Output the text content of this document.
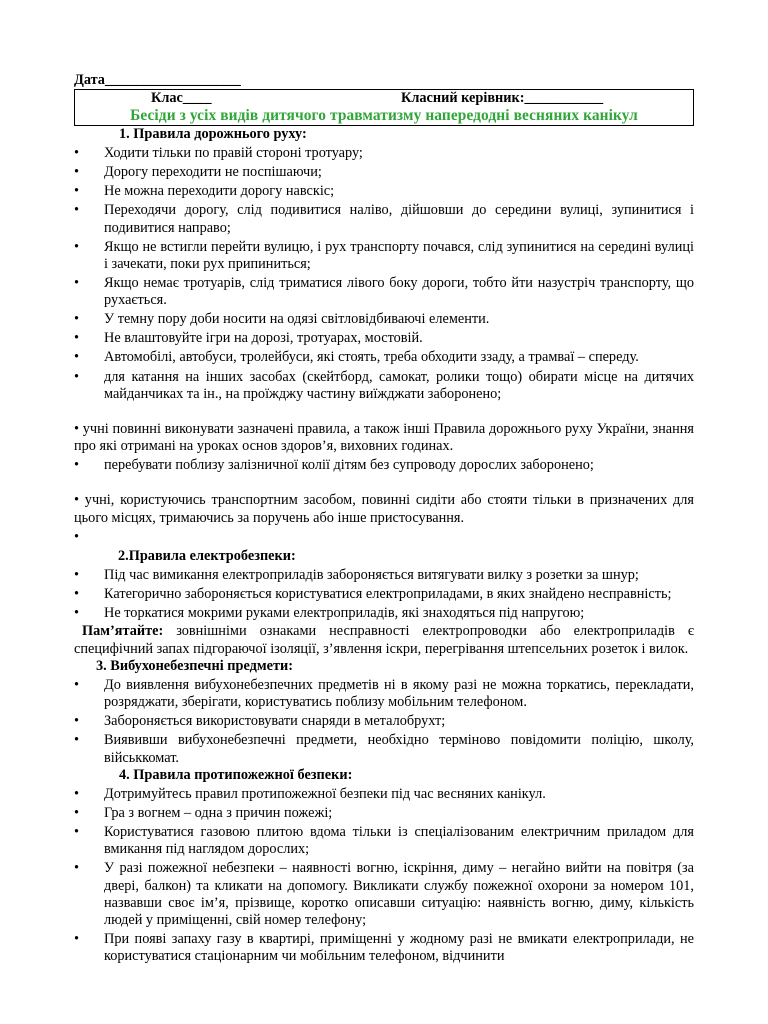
Дата___________________
Клас____	Класний керівник:___________
Бесіди з усіх видів дитячого травматизму напередодні весняних канікул
1. Правила дорожнього руху:
• Ходити тільки по правій стороні тротуару;
• Дорогу переходити не поспішаючи;
• Не можна переходити дорогу навскіс;
• Переходячи дорогу, слід подивитися наліво, дійшовши до середини вулиці, зупинитися і подивитися направо;
• Якщо не встигли перейти вулицю, і рух транспорту почався, слід зупинитися на середині вулиці і зачекати, поки рух припиниться;
• Якщо немає тротуарів, слід триматися лівого боку дороги, тобто йти назустріч транспорту, що рухається.
• У темну пору доби носити на одязі світловідбиваючі елементи.
• Не влаштовуйте ігри на дорозі, тротуарах, мостовій.
• Автомобілі, автобуси, тролейбуси, які стоять, треба обходити ззаду, а трамваї – спереду.
• для катання на інших засобах (скейтборд, самокат, ролики тощо) обирати місце на дитячих майданчиках та ін., на проїжджу частину виїжджати заборонено;
• учні повинні виконувати зазначені правила, а також інші Правила дорожнього руху України, знання про які отримані на уроках основ здоров’я, виховних годинах.
• перебувати поблизу залізничної колії дітям без супроводу дорослих заборонено;
• учні, користуючись транспортним засобом, повинні сидіти або стояти тільки в призначених для цього місцях, тримаючись за поручень або інше пристосування.
•
2.Правила електробезпеки:
• Під час вимикання електроприладів забороняється витягувати вилку з розетки за шнур;
• Категорично забороняється користуватися електроприладами, в яких знайдено несправність;
• Не торкатися мокрими руками електроприладів, які знаходяться під напругою;
Пам’ятайте: зовнішніми ознаками несправності електропроводки або електроприладів є специфічний запах підгораючої ізоляції, з’явлення іскри, перегрівання штепсельних розеток і вилок.
3. Вибухонебезпечні предмети:
• До виявлення вибухонебезпечних предметів ні в якому разі не можна торкатись, перекладати, розряджати, зберігати, користуватись поблизу мобільним телефоном.
• Забороняється використовувати снаряди в металобрухт;
• Виявивши вибухонебезпечні предмети, необхідно терміново повідомити поліцію, школу, військкомат.
4. Правила протипожежної безпеки:
• Дотримуйтесь правил протипожежної безпеки під час весняних канікул.
• Гра з вогнем – одна з причин пожежі;
• Користуватися газовою плитою вдома тільки із спеціалізованим електричним приладом для вмикання під наглядом дорослих;
• У разі пожежної небезпеки – наявності вогню, іскріння, диму – негайно вийти на повітря (за двері, балкон) та кликати на допомогу. Викликати службу пожежної охорони за номером 101, назвавши своє ім’я, прізвище, коротко описавши ситуацію: наявність вогню, диму, кількість людей у приміщенні, свій номер телефону;
• При появі запаху газу в квартирі, приміщенні у жодному разі не вмикати електроприлади, не користуватися стаціонарним чи мобільним телефоном, відчинити
